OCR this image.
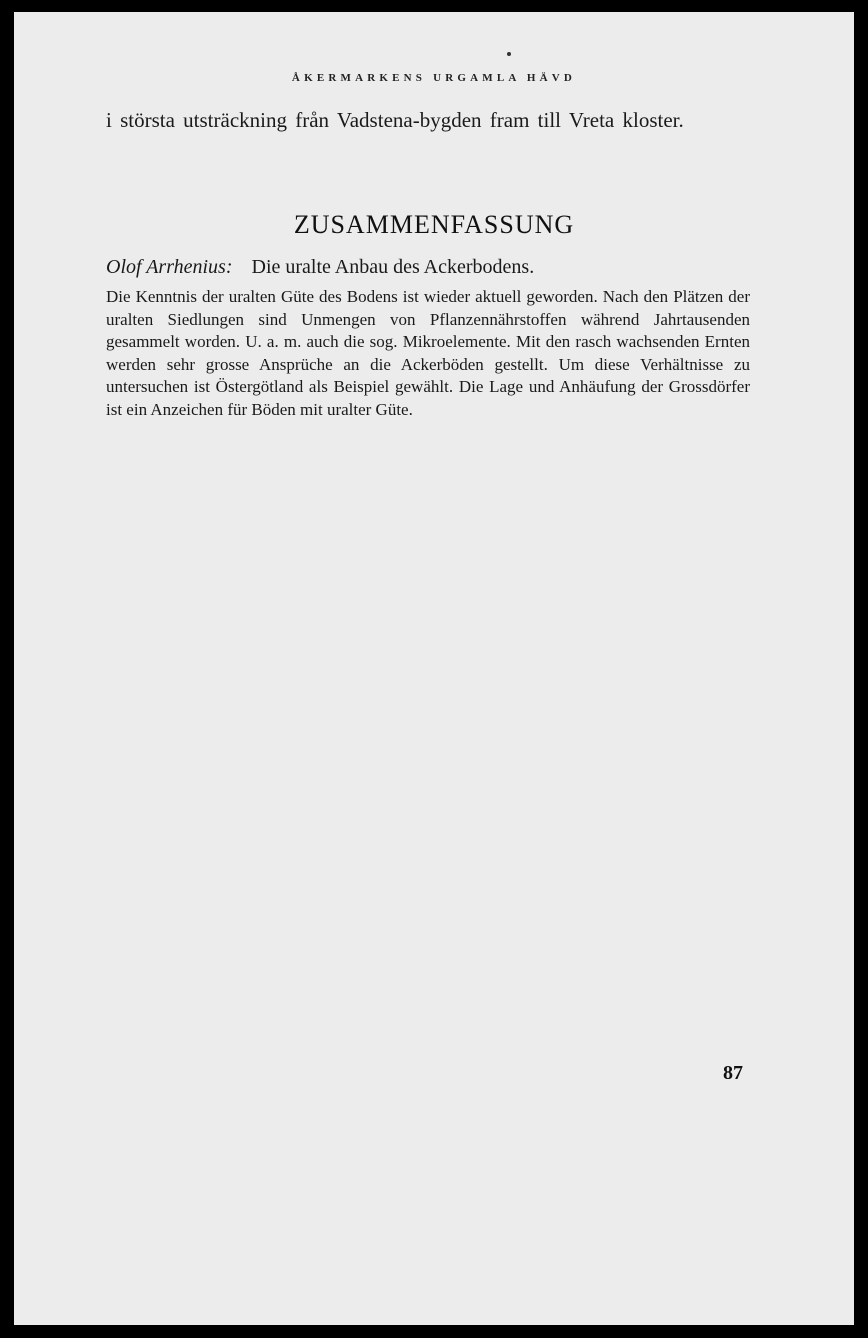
ÅKERMARKENS URGAMLA HÄVD

i största utsträckning från Vadstena-bygden fram till Vreta kloster.

ZUSAMMENFASSUNG
Olof Arrhenius: Die uralte Anbau des Ackerbodens.

Die Kenntnis der uralten Güte des Bodens ist wieder aktuell geworden. Nach den Plätzen der uralten Siedlungen sind Unmengen von Pflanzennährstoffen während Jahrtausenden gesammelt worden. U. a. m. auch die sog. Mikroelemente. Mit den rasch wachsenden Ernten werden sehr grosse Ansprüche an die Ackerböden gestellt. Um diese Verhältnisse zu untersuchen ist Östergötland als Beispiel gewählt. Die Lage und Anhäufung der Grossdörfer ist ein Anzeichen für Böden mit uralter Güte.

87
